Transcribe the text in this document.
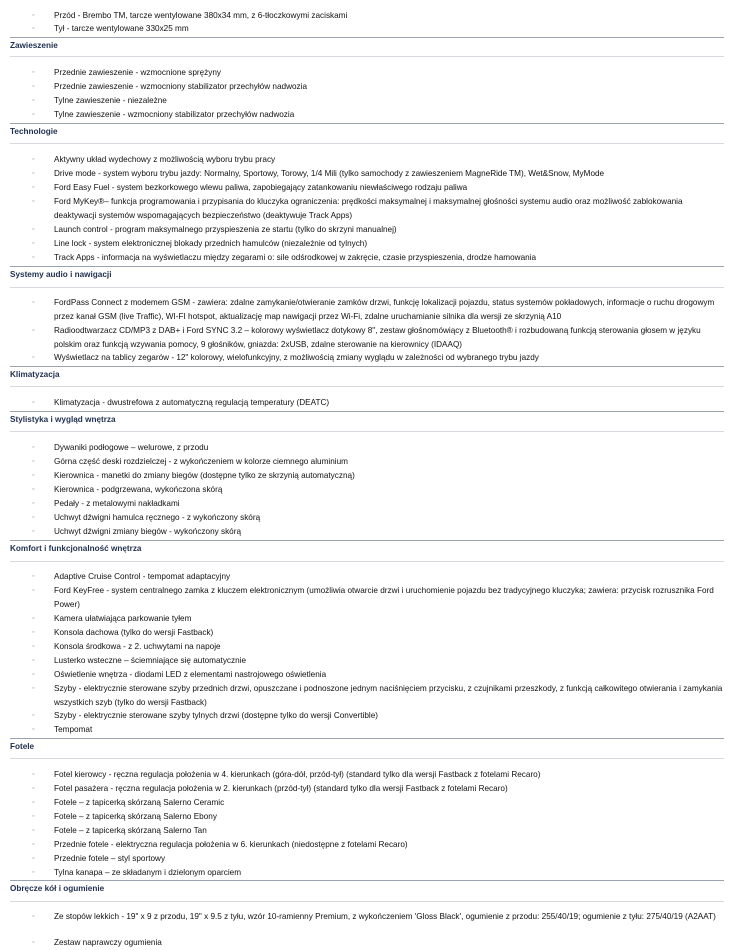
◦ Przód - Brembo TM, tarcze wentylowane 380x34 mm, z 6-tłoczkowymi zaciskami
◦ Tył - tarcze wentylowane 330x25 mm
Zawieszenie
◦ Przednie zawieszenie - wzmocnione sprężyny
◦ Przednie zawieszenie - wzmocniony stabilizator przechyłów nadwozia
◦ Tylne zawieszenie - niezależne
◦ Tylne zawieszenie - wzmocniony stabilizator przechyłów nadwozia
Technologie
◦ Aktywny układ wydechowy z możliwością wyboru trybu pracy
◦ Drive mode - system wyboru trybu jazdy: Normalny, Sportowy, Torowy, 1/4 Mili (tylko samochody z zawieszeniem MagneRide TM), Wet&Snow, MyMode
◦ Ford Easy Fuel - system bezkorkowego wlewu paliwa, zapobiegający zatankowaniu niewłaściwego rodzaju paliwa
◦ Ford MyKey®– funkcja programowania i przypisania do kluczyka ograniczenia: prędkości maksymalnej i maksymalnej głośności systemu audio oraz możliwość zablokowania deaktywacji systemów wspomagających bezpieczeństwo (deaktywuje Track Apps)
◦ Launch control - program maksymalnego przyspieszenia ze startu (tylko do skrzyni manualnej)
◦ Line lock - system elektronicznej blokady przednich hamulców (niezależnie od tylnych)
◦ Track Apps - informacja na wyświetlaczu między zegarami o: sile odśrodkowej w zakręcie, czasie przyspieszenia, drodze hamowania
Systemy audio i nawigacji
◦ FordPass Connect z modemem GSM - zawiera: zdalne zamykanie/otwieranie zamków drzwi, funkcję lokalizacji pojazdu, status systemów pokładowych, informacje o ruchu drogowym przez kanał GSM (live Traffic), WI-FI hotspot, aktualizację map nawigacji przez Wi-Fi, zdalne uruchamianie silnika dla wersji ze skrzynią A10
◦ Radioodtwarzacz CD/MP3 z DAB+ i Ford SYNC 3.2 – kolorowy wyświetlacz dotykowy 8", zestaw głośnomówiący z Bluetooth® i rozbudowaną funkcją sterowania głosem w języku polskim oraz funkcją wzywania pomocy, 9 głośników, gniazda: 2xUSB, zdalne sterowanie na kierownicy (IDAAQ)
◦ Wyświetlacz na tablicy zegarów - 12" kolorowy, wielofunkcyjny, z możliwością zmiany wyglądu w zależności od wybranego trybu jazdy
Klimatyzacja
◦ Klimatyzacja - dwustrefowa z automatyczną regulacją temperatury (DEATC)
Stylistyka i wygląd wnętrza
◦ Dywaniki podłogowe – welurowe, z przodu
◦ Górna część deski rozdzielczej - z wykończeniem w kolorze ciemnego aluminium
◦ Kierownica - manetki do zmiany biegów (dostępne tylko ze skrzynią automatyczną)
◦ Kierownica - podgrzewana, wykończona skórą
◦ Pedały - z metalowymi nakładkami
◦ Uchwyt dźwigni hamulca ręcznego - z wykończony skórą
◦ Uchwyt dźwigni zmiany biegów - wykończony skórą
Komfort i funkcjonalność wnętrza
◦ Adaptive Cruise Control - tempomat adaptacyjny
◦ Ford KeyFree - system centralnego zamka z kluczem elektronicznym (umożliwia otwarcie drzwi i uruchomienie pojazdu bez tradycyjnego kluczyka; zawiera: przycisk rozrusznika Ford Power)
◦ Kamera ułatwiająca parkowanie tyłem
◦ Konsola dachowa (tylko do wersji Fastback)
◦ Konsola środkowa - z 2. uchwytami na napoje
◦ Lusterko wsteczne – ściemniające się automatycznie
◦ Oświetlenie wnętrza - diodami LED z elementami nastrojowego oświetlenia
◦ Szyby - elektrycznie sterowane szyby przednich drzwi, opuszczane i podnoszone jednym naciśnięciem przycisku, z czujnikami przeszkody, z funkcją całkowitego otwierania i zamykania wszystkich szyb (tylko do wersji Fastback)
◦ Szyby - elektrycznie sterowane szyby tylnych drzwi (dostępne tylko do wersji Convertible)
◦ Tempomat
Fotele
◦ Fotel kierowcy - ręczna regulacja położenia w 4. kierunkach (góra-dół, przód-tył) (standard tylko dla wersji Fastback z fotelami Recaro)
◦ Fotel pasażera - ręczna regulacja położenia w 2. kierunkach (przód-tył) (standard tylko dla wersji Fastback z fotelami Recaro)
◦ Fotele – z tapicerką skórzaną Salerno Ceramic
◦ Fotele – z tapicerką skórzaną Salerno Ebony
◦ Fotele – z tapicerką skórzaną Salerno Tan
◦ Przednie fotele - elektryczna regulacja położenia w 6. kierunkach (niedostępne z fotelami Recaro)
◦ Przednie fotele – styl sportowy
◦ Tylna kanapa – ze składanym i dzielonym oparciem
Obręcze kół i ogumienie
◦ Ze stopów lekkich - 19" x 9 z przodu, 19" x 9.5 z tyłu, wzór 10-ramienny Premium, z wykończeniem 'Gloss Black', ogumienie z przodu: 255/40/19; ogumienie z tyłu: 275/40/19 (A2AAT)
◦ Zestaw naprawczy ogumienia
